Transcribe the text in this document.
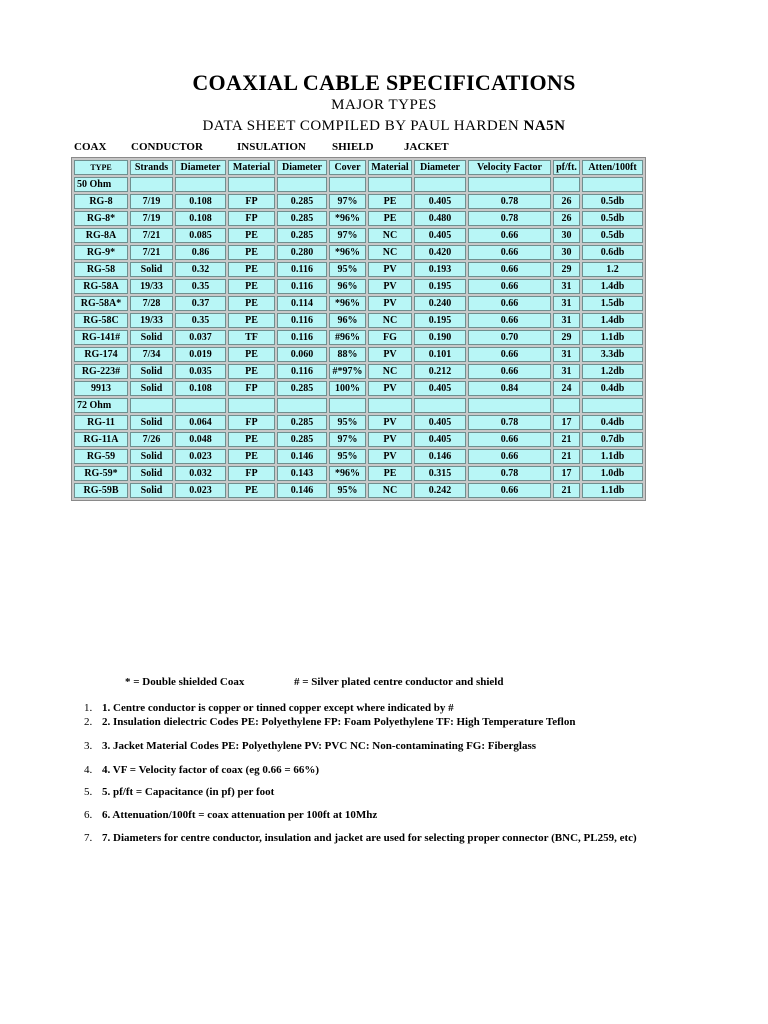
COAXIAL CABLE SPECIFICATIONS
MAJOR TYPES
DATA SHEET COMPILED BY PAUL HARDEN NA5N
COAX CONDUCTOR	INSULATION SHIELD	JACKET
TYPE	Strands	Diameter	Material	Diameter	Cover	Material	Diameter	Velocity Factor	pf/ft.	Atten/100ft
50 Ohm										
RG-8	7/19	0.108	FP	0.285	97%	PE	0.405	0.78	26	0.5db
RG-8*	7/19	0.108	FP	0.285	*96%	PE	0.480	0.78	26	0.5db
RG-8A	7/21	0.085	PE	0.285	97%	NC	0.405	0.66	30	0.5db
RG-9*	7/21	0.86	PE	0.280	*96%	NC	0.420	0.66	30	0.6db
RG-58	Solid	0.32	PE	0.116	95%	PV	0.193	0.66	29	1.2
RG-58A	19/33	0.35	PE	0.116	96%	PV	0.195	0.66	31	1.4db
RG-58A*	7/28	0.37	PE	0.114	*96%	PV	0.240	0.66	31	1.5db
RG-58C	19/33	0.35	PE	0.116	96%	NC	0.195	0.66	31	1.4db
RG-141#	Solid	0.037	TF	0.116	#96%	FG	0.190	0.70	29	1.1db
RG-174	7/34	0.019	PE	0.060	88%	PV	0.101	0.66	31	3.3db
RG-223#	Solid	0.035	PE	0.116	#*97%	NC	0.212	0.66	31	1.2db
9913	Solid	0.108	FP	0.285	100%	PV	0.405	0.84	24	0.4db
72 Ohm										
RG-11	Solid	0.064	FP	0.285	95%	PV	0.405	0.78	17	0.4db
RG-11A	7/26	0.048	PE	0.285	97%	PV	0.405	0.66	21	0.7db
RG-59	Solid	0.023	PE	0.146	95%	PV	0.146	0.66	21	1.1db
RG-59*	Solid	0.032	FP	0.143	*96%	PE	0.315	0.78	17	1.0db
RG-59B	Solid	0.023	PE	0.146	95%	NC	0.242	0.66	21	1.1db
* = Double shielded Coax	# = Silver plated centre conductor and shield
1. 1. Centre conductor is copper or tinned copper except where indicated by #
2. 2. Insulation dielectric Codes PE: Polyethylene FP: Foam Polyethylene TF: High Temperature Teflon
3. 3. Jacket Material Codes PE: Polyethylene PV: PVC NC: Non-contaminating FG: Fiberglass
4. 4. VF = Velocity factor of coax (eg 0.66 = 66%)
5. 5. pf/ft = Capacitance (in pf) per foot
6. 6. Attenuation/100ft = coax attenuation per 100ft at 10Mhz
7. 7. Diameters for centre conductor, insulation and jacket are used for selecting proper connector (BNC, PL259, etc)
